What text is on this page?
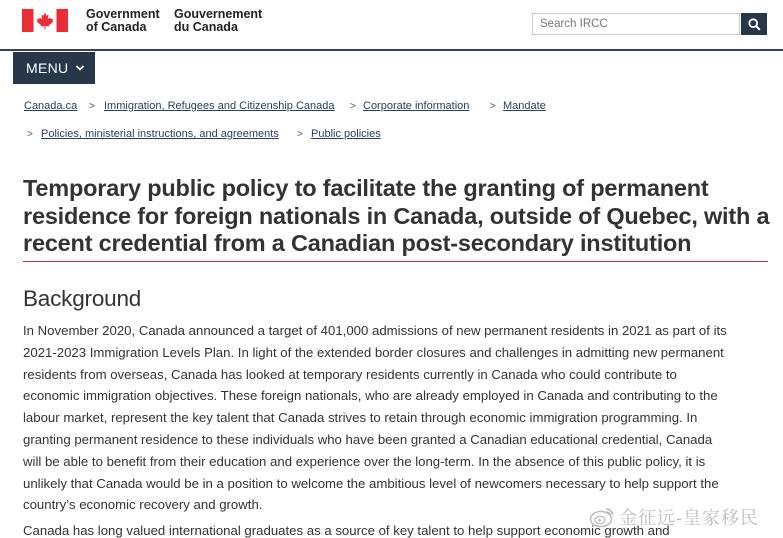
Government
of Canada
Gouvernement
du Canada
Search IRCC
MENU
Canada.ca > Immigration, Refugees and Citizenship Canada > Corporate information > Mandate
> Policies, ministerial instructions, and agreements > Public policies
Temporary public policy to facilitate the granting of permanent
residence for foreign nationals in Canada, outside of Quebec, with a
recent credential from a Canadian post-secondary institution
Background
In November 2020, Canada announced a target of 401,000 admissions of new permanent residents in 2021 as part of its
2021-2023 Immigration Levels Plan. In light of the extended border closures and challenges in admitting new permanent
residents from overseas, Canada has looked at temporary residents currently in Canada who could contribute to
economic immigration objectives. These foreign nationals, who are already employed in Canada and contributing to the
labour market, represent the key talent that Canada strives to retain through economic immigration programming. In
granting permanent residence to these individuals who have been granted a Canadian educational credential, Canada
will be able to benefit from their education and experience over the long-term. In the absence of this public policy, it is
unlikely that Canada would be in a position to welcome the ambitious level of newcomers necessary to help support the
country’s economic recovery and growth.
Canada has long valued international graduates as a source of key talent to help support economic growth and
金征远-皇家移民
